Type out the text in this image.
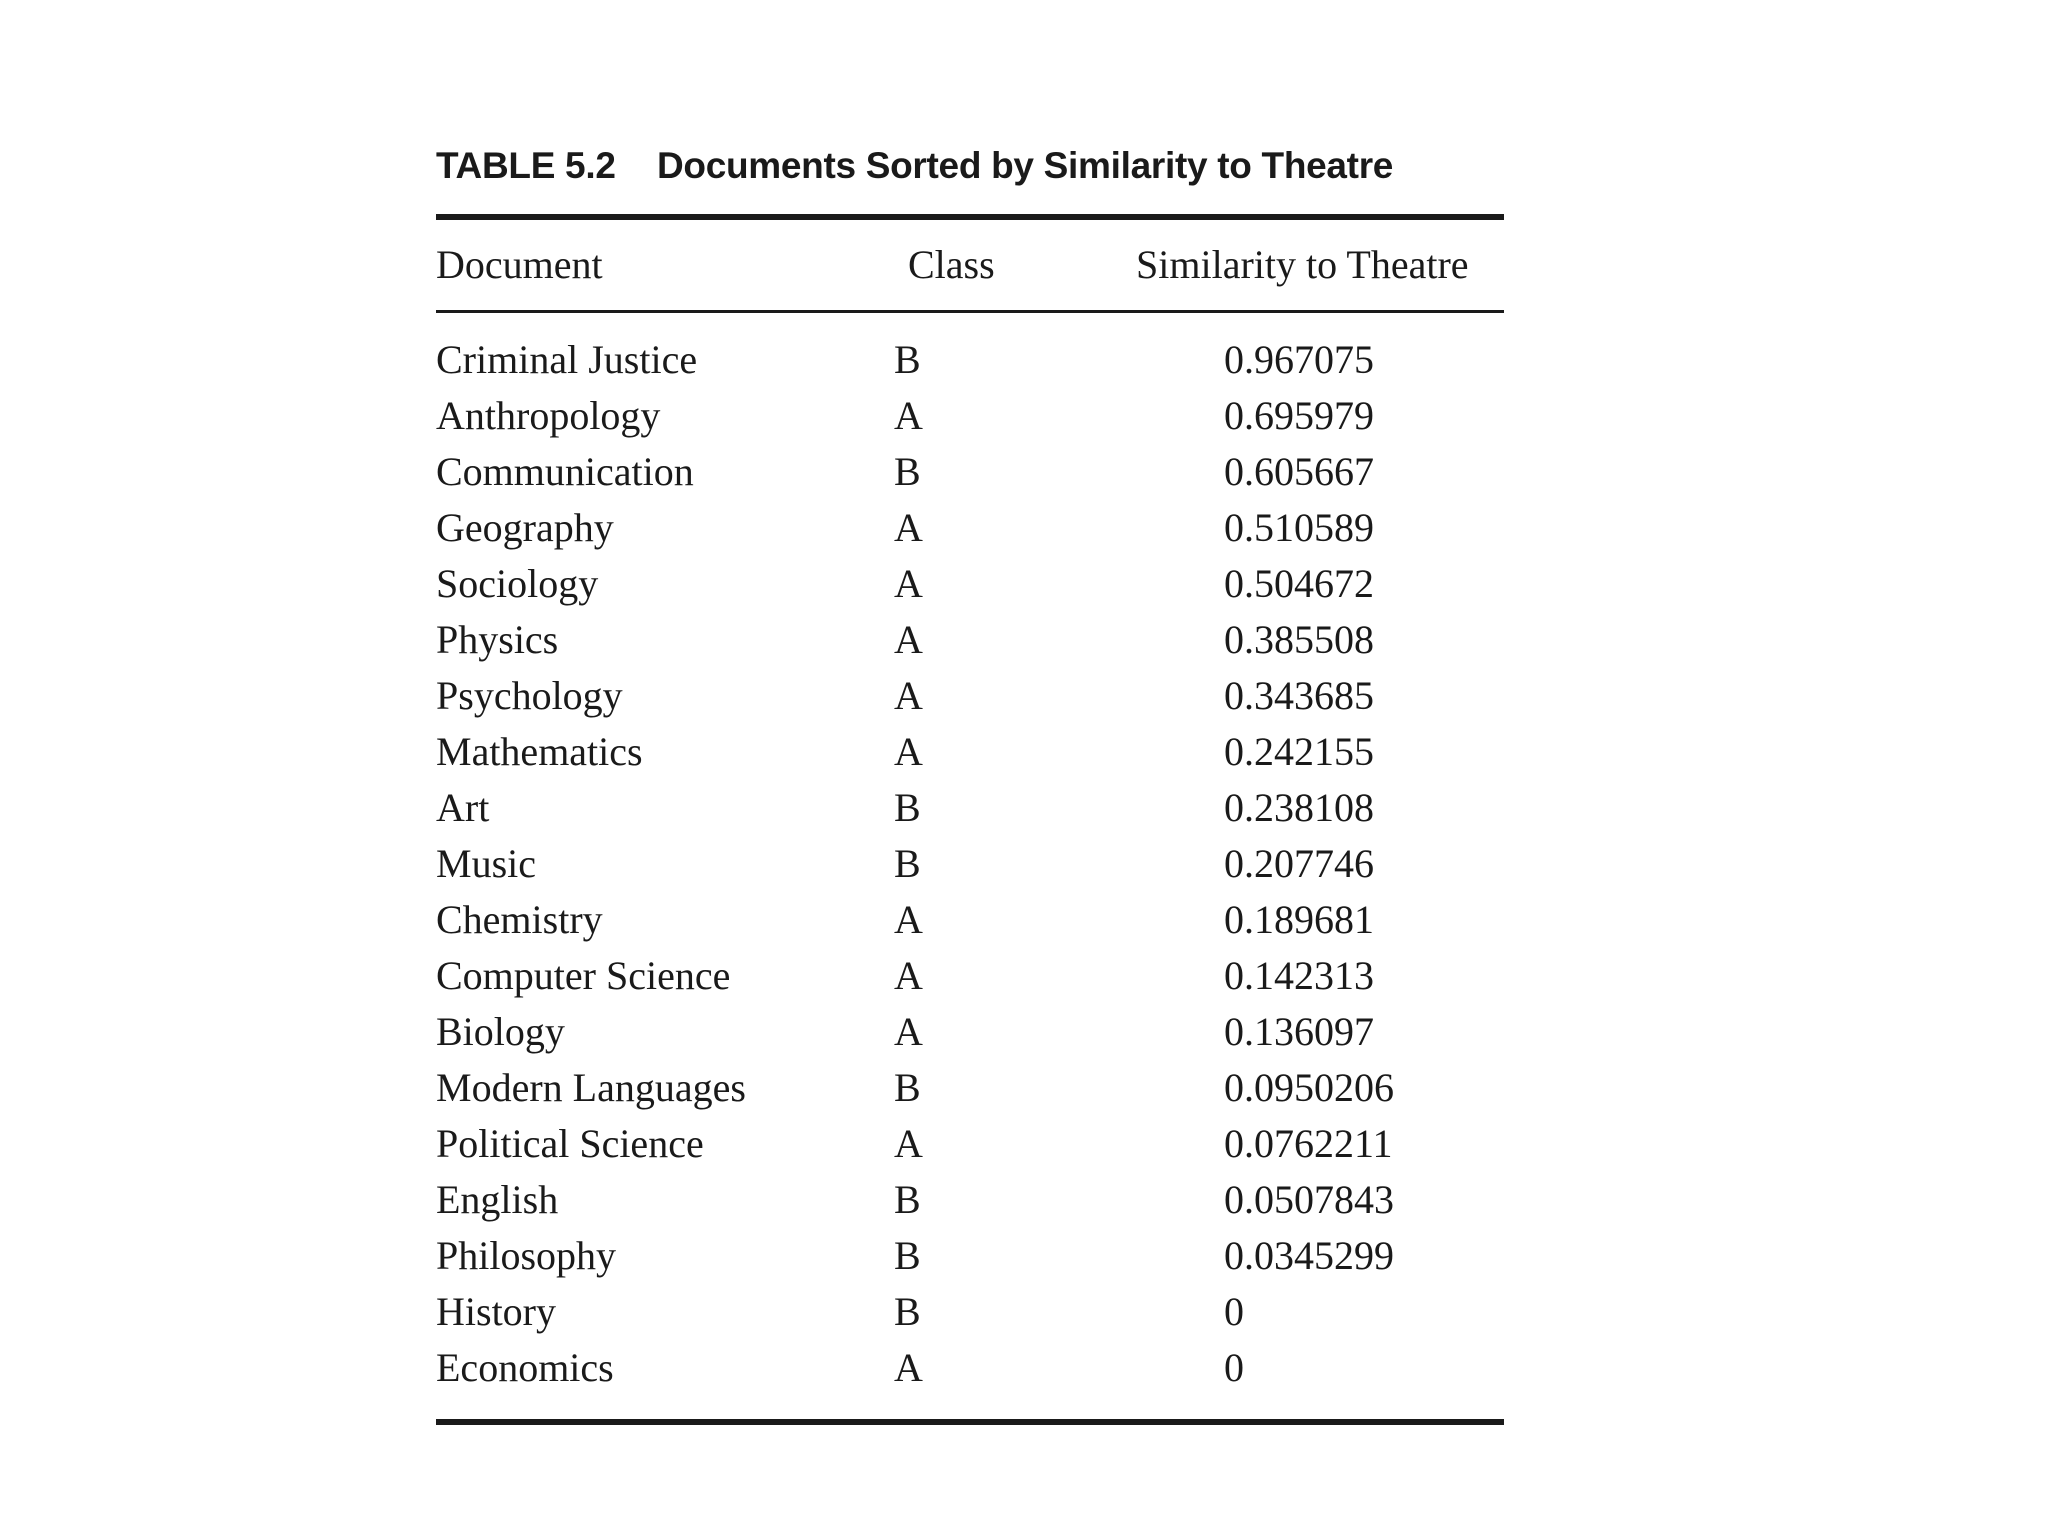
TABLE 5.2 Documents Sorted by Similarity to Theatre
Document	Class	Similarity to Theatre
Criminal Justice	B	0.967075
Anthropology	A	0.695979
Communication	B	0.605667
Geography	A	0.510589
Sociology	A	0.504672
Physics	A	0.385508
Psychology	A	0.343685
Mathematics	A	0.242155
Art	B	0.238108
Music	B	0.207746
Chemistry	A	0.189681
Computer Science	A	0.142313
Biology	A	0.136097
Modern Languages	B	0.0950206
Political Science	A	0.0762211
English	B	0.0507843
Philosophy	B	0.0345299
History	B	0
Economics	A	0
